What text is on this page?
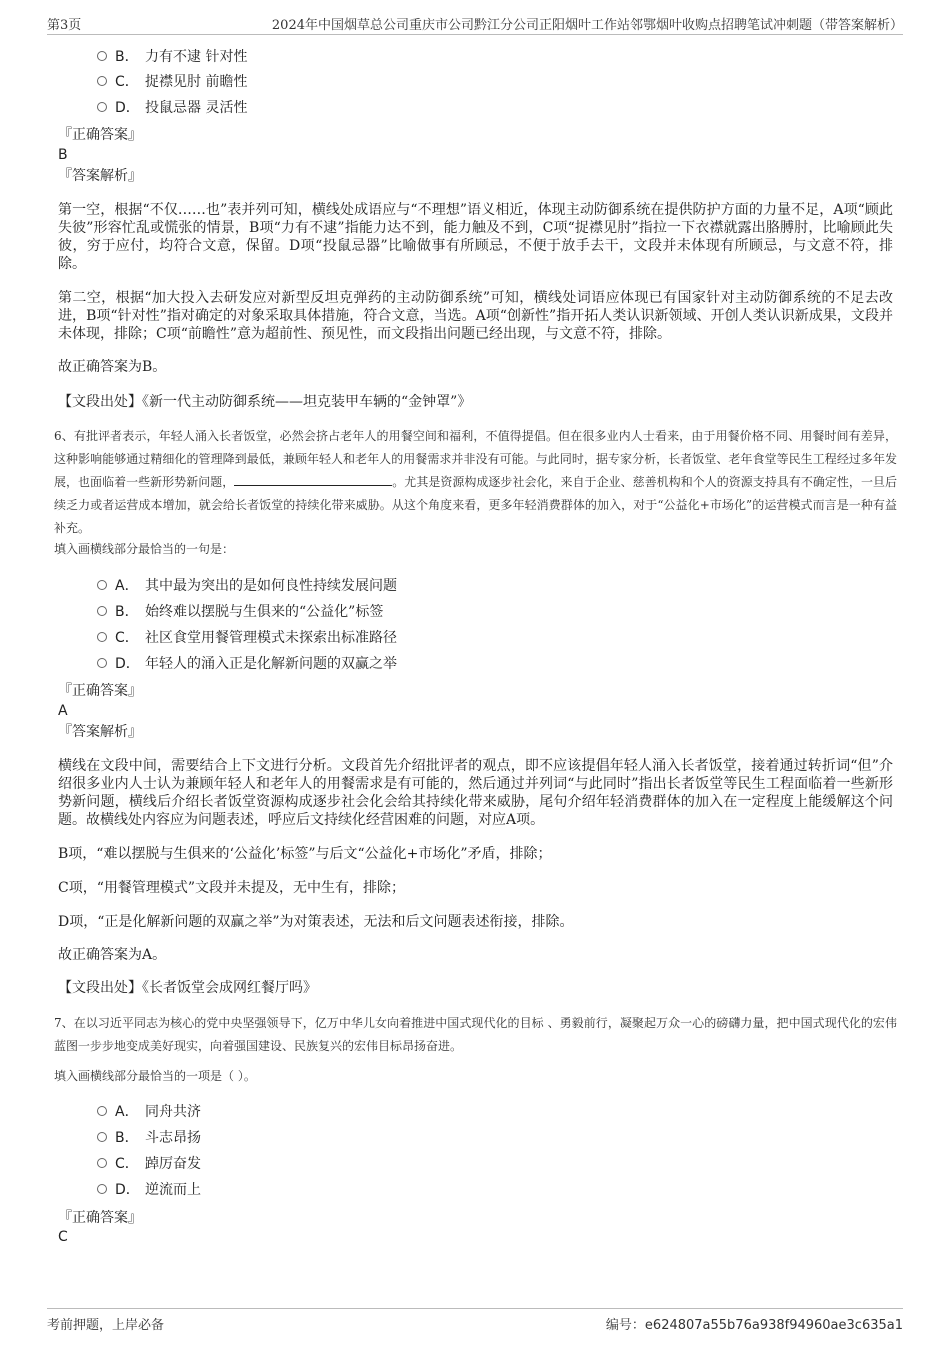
第3页	2024年中国烟草总公司重庆市公司黔江分公司正阳烟叶工作站邻鄂烟叶收购点招聘笔试冲刺题（带答案解析）
B． 力有不逮 针对性
C． 捉襟见肘 前瞻性
D． 投鼠忌器 灵活性
『正确答案』
B
『答案解析』
第一空，根据“不仅……也”表并列可知，横线处成语应与“不理想”语义相近，体现主动防御系统在提供防护方面的力量不足，A项“顾此失彼”形容忙乱或慌张的情景，B项“力有不逮”指能力达不到，能力触及不到，C项“捉襟见肘”指拉一下衣襟就露出胳膊肘，比喻顾此失彼，穷于应付，均符合文意，保留。D项“投鼠忌器”比喻做事有所顾忌，不便于放手去干，文段并未体现有所顾忌，与文意不符，排除。
第二空，根据“加大投入去研发应对新型反坦克弹药的主动防御系统”可知，横线处词语应体现已有国家针对主动防御系统的不足去改进，B项“针对性”指对确定的对象采取具体措施，符合文意，当选。A项“创新性”指开拓人类认识新领域、开创人类认识新成果，文段并未体现，排除；C项“前瞻性”意为超前性、预见性，而文段指出问题已经出现，与文意不符，排除。
故正确答案为B。
【文段出处】《新一代主动防御系统——坦克装甲车辆的“金钟罩”》
6、有批评者表示，年轻人涌入长者饭堂，必然会挤占老年人的用餐空间和福利，不值得提倡。但在很多业内人士看来，由于用餐价格不同、用餐时间有差异，这种影响能够通过精细化的管理降到最低，兼顾年轻人和老年人的用餐需求并非没有可能。与此同时，据专家分析，长者饭堂、老年食堂等民生工程经过多年发展，也面临着一些新形势新问题，	。尤其是资源构成逐步社会化，来自于企业、慈善机构和个人的资源支持具有不确定性，一旦后续乏力或者运营成本增加，就会给长者饭堂的持续化带来威胁。从这个角度来看，更多年轻消费群体的加入，对于“公益化+市场化”的运营模式而言是一种有益补充。
填入画横线部分最恰当的一句是：
A． 其中最为突出的是如何良性持续发展问题
B． 始终难以摆脱与生俱来的“公益化”标签
C． 社区食堂用餐管理模式未探索出标准路径
D． 年轻人的涌入正是化解新问题的双赢之举
『正确答案』
A
『答案解析』
横线在文段中间，需要结合上下文进行分析。文段首先介绍批评者的观点，即不应该提倡年轻人涌入长者饭堂，接着通过转折词“但”介绍很多业内人士认为兼顾年轻人和老年人的用餐需求是有可能的，然后通过并列词“与此同时”指出长者饭堂等民生工程面临着一些新形势新问题，横线后介绍长者饭堂资源构成逐步社会化会给其持续化带来威胁，尾句介绍年轻消费群体的加入在一定程度上能缓解这个问题。故横线处内容应为问题表述，呼应后文持续化经营困难的问题，对应A项。
B项，“难以摆脱与生俱来的‘公益化’标签”与后文“公益化+市场化”矛盾，排除；
C项，“用餐管理模式”文段并未提及，无中生有，排除；
D项，“正是化解新问题的双赢之举”为对策表述，无法和后文问题表述衔接，排除。
故正确答案为A。
【文段出处】《长者饭堂会成网红餐厅吗》
7、在以习近平同志为核心的党中央坚强领导下，亿万中华儿女向着推进中国式现代化的目标 、勇毅前行，凝聚起万众一心的磅礴力量，把中国式现代化的宏伟蓝图一步步地变成美好现实，向着强国建设、民族复兴的宏伟目标昂扬奋进。
填入画横线部分最恰当的一项是（ ）。
A． 同舟共济
B． 斗志昂扬
C． 踔厉奋发
D． 逆流而上
『正确答案』
C
考前押题，上岸必备	编号：e624807a55b76a938f94960ae3c635a1
